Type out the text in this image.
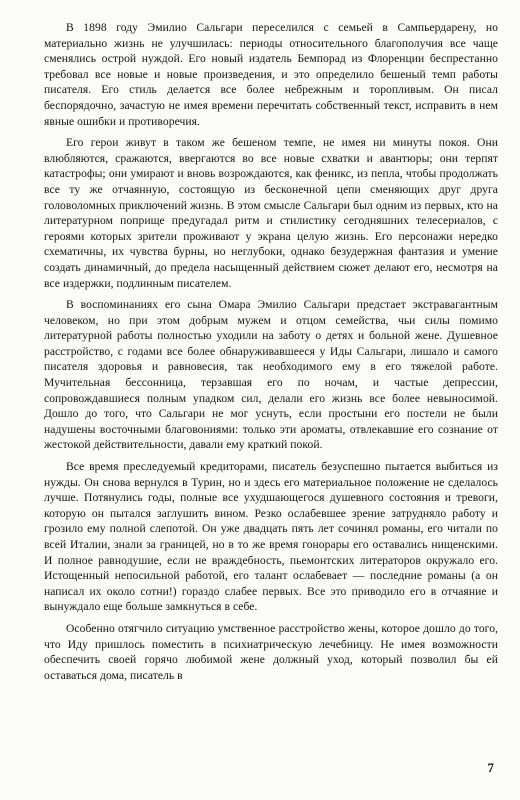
В 1898 году Эмилио Сальгари переселился с семьей в Сампьердарену, но материально жизнь не улучшилась: периоды относительного благополучия все чаще сменялись острой нуждой. Его новый издатель Бемпорад из Флоренции беспрестанно требовал все новые и новые произведения, и это определило бешеный темп работы писателя. Его стиль делается все более небрежным и торопливым. Он писал беспорядочно, зачастую не имея времени перечитать собственный текст, исправить в нем явные ошибки и противоречия.

Его герои живут в таком же бешеном темпе, не имея ни минуты покоя. Они влюбляются, сражаются, ввергаются во все новые схватки и авантюры; они терпят катастрофы; они умирают и вновь возрождаются, как феникс, из пепла, чтобы продолжать все ту же отчаянную, состоящую из бесконечной цепи сменяющих друг друга головоломных приключений жизнь. В этом смысле Сальгари был одним из первых, кто на литературном поприще предугадал ритм и стилистику сегодняшних телесериалов, с героями которых зрители проживают у экрана целую жизнь. Его персонажи нередко схематичны, их чувства бурны, но неглубоки, однако безудержная фантазия и умение создать динамичный, до предела насыщенный действием сюжет делают его, несмотря на все издержки, подлинным писателем.

В воспоминаниях его сына Омара Эмилио Сальгари предстает экстравагантным человеком, но при этом добрым мужем и отцом семейства, чьи силы помимо литературной работы полностью уходили на заботу о детях и больной жене. Душевное расстройство, с годами все более обнаруживавшееся у Иды Сальгари, лишало и самого писателя здоровья и равновесия, так необходимого ему в его тяжелой работе. Мучительная бессонница, терзавшая его по ночам, и частые депрессии, сопровождавшиеся полным упадком сил, делали его жизнь все более невыносимой. Дошло до того, что Сальгари не мог уснуть, если простыни его постели не были надушены восточными благовониями: только эти ароматы, отвлекавшие его сознание от жестокой действительности, давали ему краткий покой.

Все время преследуемый кредиторами, писатель безуспешно пытается выбиться из нужды. Он снова вернулся в Турин, но и здесь его материальное положение не сделалось лучше. Потянулись годы, полные все ухудшающегося душевного состояния и тревоги, которую он пытался заглушить вином. Резко ослабевшее зрение затрудняло работу и грозило ему полной слепотой. Он уже двадцать пять лет сочинял романы, его читали по всей Италии, знали за границей, но в то же время гонорары его оставались нищенскими. И полное равнодушие, если не враждебность, пьемонтских литераторов окружало его. Истощенный непосильной работой, его талант ослабевает — последние романы (а он написал их около сотни!) гораздо слабее первых. Все это приводило его в отчаяние и вынуждало еще больше замкнуться в себе.

Особенно отягчило ситуацию умственное расстройство жены, которое дошло до того, что Иду пришлось поместить в психиатрическую лечебницу. Не имея возможности обеспечить своей горячо любимой жене должный уход, который позволил бы ей оставаться дома, писатель в

7
